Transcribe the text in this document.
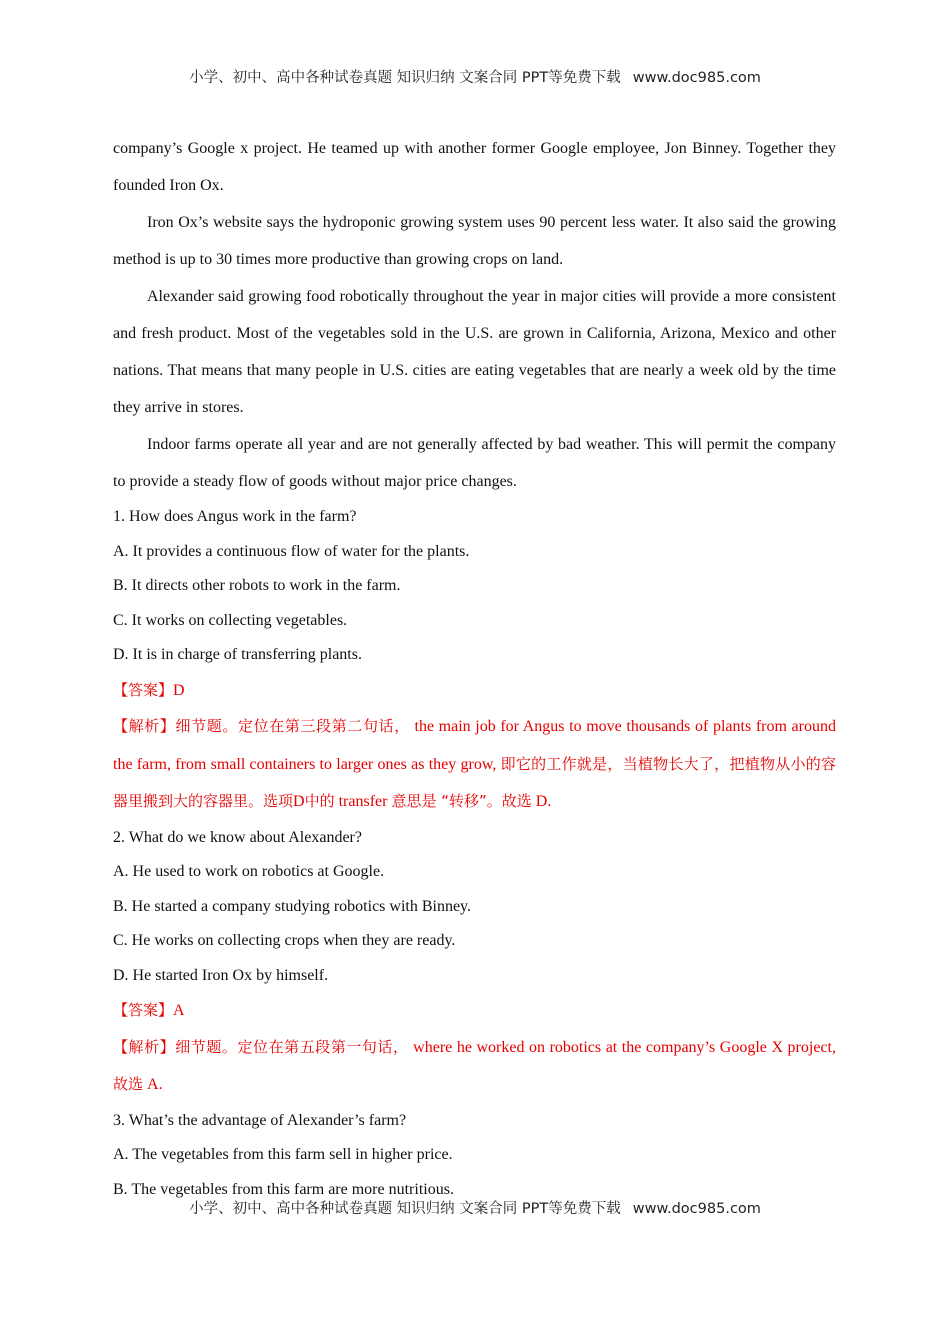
小学、初中、高中各种试卷真题 知识归纳 文案合同 PPT等免费下载 www.doc985.com

company’s Google x project. He teamed up with another former Google employee, Jon Binney. Together they founded Iron Ox.

Iron Ox’s website says the hydroponic growing system uses 90 percent less water. It also said the growing method is up to 30 times more productive than growing crops on land.

Alexander said growing food robotically throughout the year in major cities will provide a more consistent and fresh product. Most of the vegetables sold in the U.S. are grown in California, Arizona, Mexico and other nations. That means that many people in U.S. cities are eating vegetables that are nearly a week old by the time they arrive in stores.

Indoor farms operate all year and are not generally affected by bad weather. This will permit the company to provide a steady flow of goods without major price changes.

1. How does Angus work in the farm?

A. It provides a continuous flow of water for the plants.

B. It directs other robots to work in the farm.

C. It works on collecting vegetables.

D. It is in charge of transferring plants.

【答案】D

【解析】细节题。定位在第三段第二句话， the main job for Angus to move thousands of plants from around the farm, from small containers to larger ones as they grow, 即它的工作就是，当植物长大了，把植物从小的容器里搬到大的容器里。选项D中的 transfer 意思是 “转移”。故选 D.

2. What do we know about Alexander?

A. He used to work on robotics at Google.

B. He started a company studying robotics with Binney.

C. He works on collecting crops when they are ready.

D. He started Iron Ox by himself.

【答案】A

【解析】细节题。定位在第五段第一句话， where he worked on robotics at the company’s Google X project, 故选 A.

3. What’s the advantage of Alexander’s farm?

A. The vegetables from this farm sell in higher price.

B. The vegetables from this farm are more nutritious.

小学、初中、高中各种试卷真题 知识归纳 文案合同 PPT等免费下载 www.doc985.com
